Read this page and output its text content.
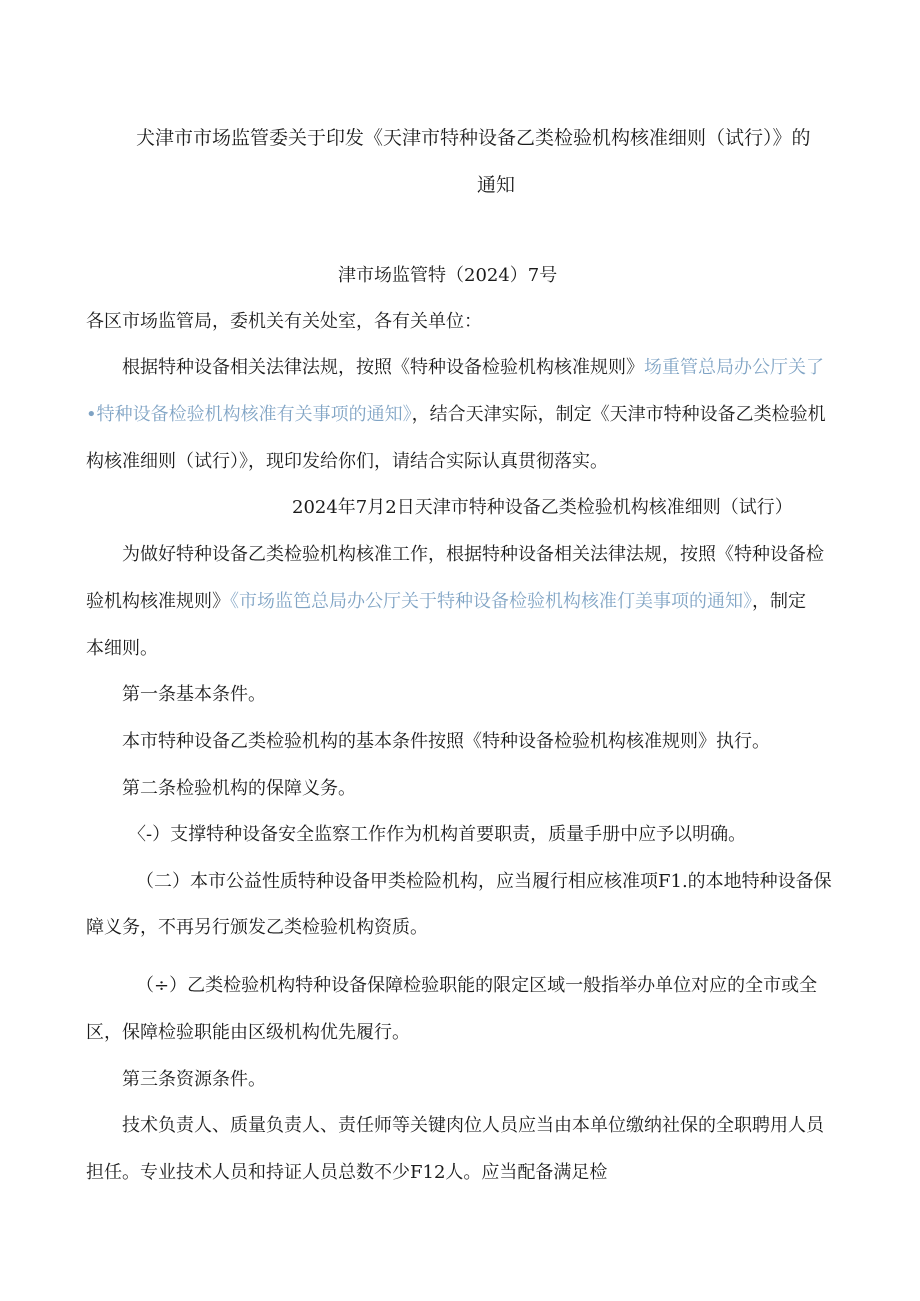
犬津市市场监管委关于印发《天津市特种设备乙类检验机构核准细则（试行）》的
通知
津市场监管特（2024）7号
各区市场监管局，委机关有关处室，各有关单位：
根据特种设备相关法律法规，按照《特种设备检验机构核准规则》场重管总局办公厅关了
•特种设备检验机构核准有关事项的通知》，结合天津实际，制定《天津市特种设备乙类检验机
构核准细则（试行）》，现印发给你们，请结合实际认真贯彻落实。
2024年7月2日天津市特种设备乙类检验机构核准细则（试行）
为做好特种设备乙类检验机构核准工作，根据特种设备相关法律法规，按照《特种设备检
验机构核准规则》《市场监笆总局办公厅关于特种设备检验机构核准仃美事项的通知》，制定
本细则。
第一条基本条件。
本市特种设备乙类检验机构的基本条件按照《特种设备检验机构核准规则》执行。
第二条检验机构的保障义务。
〈-）支撑特种设备安全监察工作作为机构首要职责，质量手册中应予以明确。
（二）本市公益性质特种设备甲类检险机构，应当履行相应核准项F1.的本地特种设备保
障义务，不再另行颁发乙类检验机构资质。
（÷）乙类检验机构特种设备保障检验职能的限定区域一般指举办单位对应的全市或全
区，保障检验职能由区级机构优先履行。
第三条资源条件。
技术负责人、质量负责人、责任师等关键肉位人员应当由本单位缴纳社保的全职聘用人员
担任。专业技术人员和持证人员总数不少F12人。应当配备满足检
